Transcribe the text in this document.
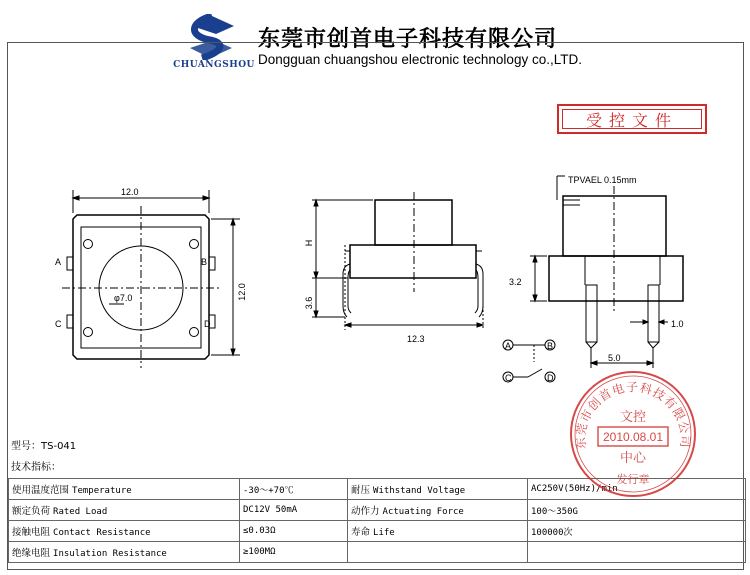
CHUANGSHOU
东莞市创首电子科技有限公司
Dongguan chuangshou electronic technology co.,LTD.
受控文件
12.0
12.0
φ7.0
A	B
C	D
H
3.6
12.3
TPVAEL 0.15mm
3.2
1.0
5.0
A	B
C	D
型号：TS-041
技术指标：
使用温度范围 Temperature	-30～+70℃	耐压 Withstand Voltage	AC250V(50Hz)/min
额定负荷 Rated Load	DC12V 50mA	动作力 Actuating Force	100～350G
接触电阻 Contact Resistance	≤0.03Ω	寿命 Life	100000次
绝缘电阻 Insulation Resistance	≥100MΩ		
东莞市创首电子科技有限公司
文控
2010.08.01
中心
发行章
